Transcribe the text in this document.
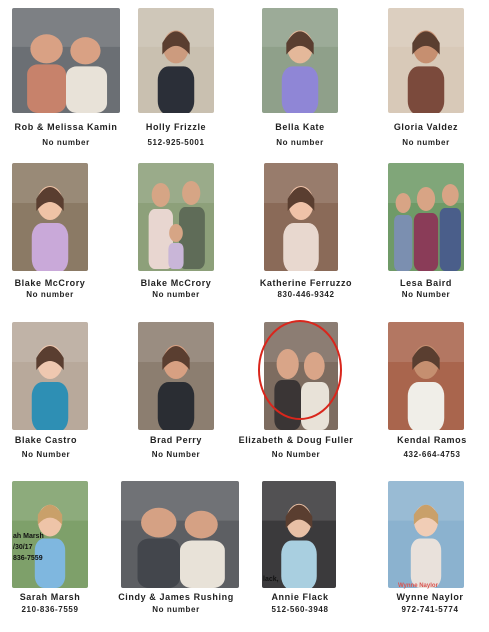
Rob & Melissa Kamin
No number
Holly Frizzle
512-925-5001
Bella Kate
No number
Gloria Valdez
No number
Blake McCrory
No number
Blake McCrory
No number
Katherine Ferruzzo
830-446-9342
Lesa Baird
No Number
Blake Castro
No Number
Brad Perry
No Number
Elizabeth & Doug Fuller
No Number
Kendal Ramos
432-664-4753
Sarah Marsh
210-836-7559
Cindy & James Rushing
No number
Annie Flack
512-560-3948
Wynne Naylor
972-741-5774
ah Marsh
/30/17
836-7559
lack,
Wynne Naylor
